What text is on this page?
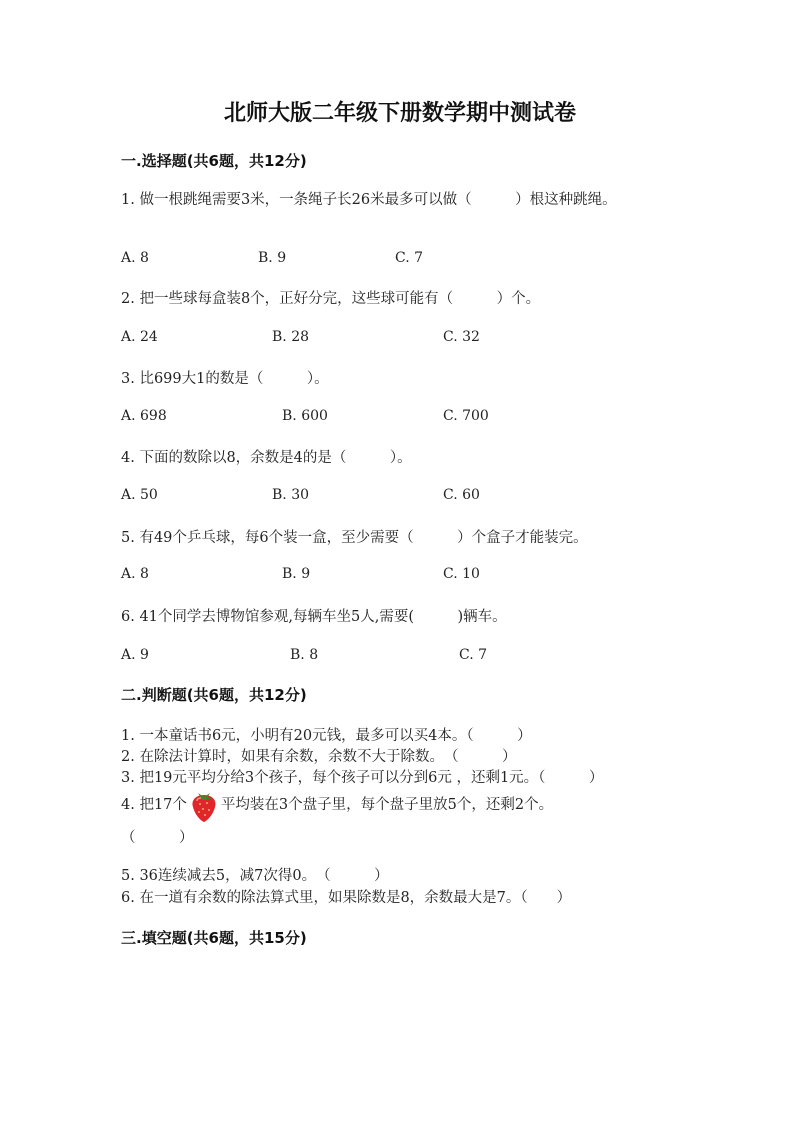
北师大版二年级下册数学期中测试卷
一.选择题(共6题，共12分)
1. 做一根跳绳需要3米，一条绳子长26米最多可以做（　　　）根这种跳绳。
A. 8	B. 9	C. 7
2. 把一些球每盒装8个，正好分完，这些球可能有（　　　）个。
A. 24	B. 28	C. 32
3. 比699大1的数是（　　　）。
A. 698	B. 600	C. 700
4. 下面的数除以8，余数是4的是（　　　）。
A. 50	B. 30	C. 60
5. 有49个乒乓球，每6个装一盒，至少需要（　　　）个盒子才能装完。
A. 8	B. 9	C. 10
6. 41个同学去博物馆参观,每辆车坐5人,需要(　　　)辆车。
A. 9	B. 8	C. 7
二.判断题(共6题，共12分)
1. 一本童话书6元，小明有20元钱，最多可以买4本。（　　　）
2. 在除法计算时，如果有余数，余数不大于除数。　（　　　）
3. 把19元平均分给3个孩子，每个孩子可以分到6元 ，还剩1元。（　　　）
4. 把17个 平均装在3个盘子里，每个盘子里放5个，还剩2个。
（　　　）
5. 36连续减去5，减7次得0。　（　　　）
6. 在一道有余数的除法算式里，如果除数是8，余数最大是7。（　　）
三.填空题(共6题，共15分)
